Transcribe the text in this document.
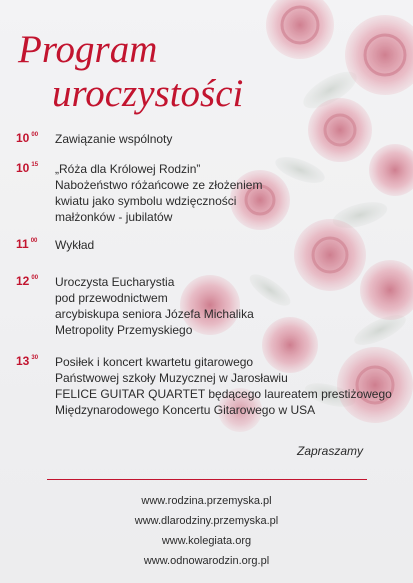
Program
uroczystości
10 $^{00}$	Zawiązanie wspólnoty
10 $^{15}$	„Róża dla Królowej Rodzin”
Nabożeństwo różańcowe ze złożeniem
kwiatu jako symbolu wdzięczności
małżonków - jubilatów
11 $^{00}$	Wykład
12 $^{00}$	Uroczysta Eucharystia
pod przewodnictwem
arcybiskupa seniora Józefa Michalika
Metropolity Przemyskiego
13 $^{30}$	Posiłek i koncert kwartetu gitarowego
Państwowej szkoły Muzycznej w Jarosławiu
FELICE GUITAR QUARTET będącego laureatem prestiżowego
Międzynarodowego Koncertu Gitarowego w USA
Zapraszamy
www.rodzina.przemyska.pl
www.dlarodziny.przemyska.pl
www.kolegiata.org
www.odnowarodzin.org.pl
